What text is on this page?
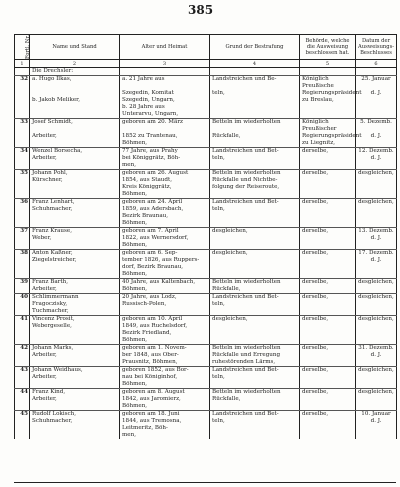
385
Fortl. Nr.	Name und Stand	Alter und Heimat	Grund der Bestrafung	Behörde, welche die Ausweisung beschlossen hat.	Datum der Ausweisungs-Beschlusses
1	2	3	4	5	6
	Die Drechsler:				
32	a. Hugo Ilkas,	a. 21 Jahre aus	Landstreichen und Be-	Königlich Preußische	25. Januar
		Szegedin, Komitat	teln,	Regierungspräsident	d. J.
	b. Jakob Meliker,	Szegedin, Ungarn,		zu Breslau,	
		b. 28 Jahre aus			
		Unterarvu, Ungarn,			
33	Josef Schmidt,	geboren am 20. März	Betteln im wiederholten	Königlich Preußischer	5. Dezemb.
	Arbeiter,	1852 zu Trantenau,	Rückfalle,	Regierungspräsident	d. J.
		Böhmen,		zu Liegnitz,	
34	Wenzel Borsecha,	77 Jahre, aus Prahy	Landstreichen und Bet-	derselbe,	12. Dezemb.
	Arbeiter,	bei Königgrätz, Böh-	teln,		d. J.
		men,			
35	Johann Pohl,	geboren am 26. August	Betteln im wiederholten	derselbe,	desgleichen,
	Kürschner,	1854, aus Staudt,	Rückfalle und Nichtbe-		
		Kreis Königgrätz,	folgung der Reiseroute,		
		Böhmen,			
36	Franz Lenhart,	geboren am 24. April	Landstreichen und Bet-	derselbe,	desgleichen,
	Schuhmacher,	1859, aus Adersbach,	teln,		
		Bezirk Braunau,			
		Böhmen,			
37	Franz Krause,	geboren am 7. April	desgleichen,	derselbe,	13. Dezemb.
	Weber,	1822, aus Wernersdorf,			d. J.
		Böhmen,			
38	Anton Kaßner,	geboren am 6. Sep-	desgleichen,	derselbe,	17. Dezemb.
	Ziegelstreicher,	tember 1826, aus Ruppers-			d. J.
		dorf, Bezirk Braunau,			
		Böhmen,			
39	Franz Barth,	40 Jahre, aus Kaltenbach,	Betteln im wiederholten	derselbe,	desgleichen,
	Arbeiter,	Böhmen,	Rückfalle,		
40	Schlimmermann	20 Jahre, aus Lodz,	Landstreichen und Bet-	derselbe,	desgleichen,
	Fragoczisky,	Russisch-Polen,	teln,		
	Tuchmacher,				
41	Vincenz Prosit,	geboren am 10. April	desgleichen,	derselbe,	desgleichen,
	Webergeselle,	1849, aus Ruchelsdorf,			
		Bezirk Friedland,			
		Böhmen,			
42	Johann Marks,	geboren am 1. Novem-	Betteln im wiederholten	derselbe,	31. Dezemb.
	Arbeiter,	ber 1848, aus Ober-	Rückfalle und Erregung		d. J.
		Prausnitz, Böhmen,	ruhestörenden Lärms,		
43	Johann Weidhaus,	geboren 1852, aus Bor-	Landstreichen und Bet-	derselbe,	desgleichen,
	Arbeiter,	nau bei Königinhof,	teln,		
		Böhmen,			
44	Franz Kind,	geboren am 8. August	Betteln im wiederholten	derselbe,	desgleichen,
	Arbeiter,	1842, aus Jaromierz,	Rückfalle,		
		Böhmen,			
45	Rudolf Lokisch,	geboren am 18. Juni	Landstreichen und Bet-	derselbe,	10. Januar
	Schuhmacher,	1844, aus Tremosna,	teln,		d. J.
		Leitmeritz, Böh-			
		men,			
